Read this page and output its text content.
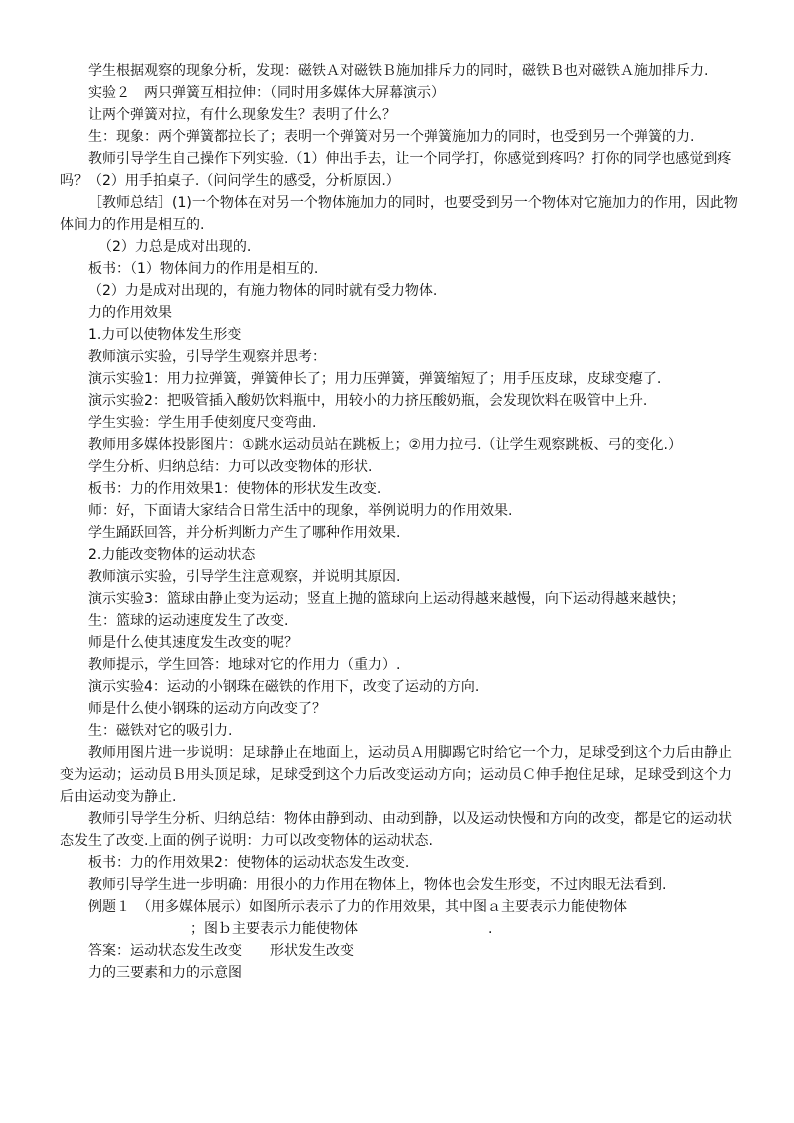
学生根据观察的现象分析，发现：磁铁Ａ对磁铁Ｂ施加排斥力的同时，磁铁Ｂ也对磁铁Ａ施加排斥力.

实验２　两只弹簧互相拉伸：（同时用多媒体大屏幕演示）

让两个弹簧对拉，有什么现象发生？表明了什么？

生：现象：两个弹簧都拉长了；表明一个弹簧对另一个弹簧施加力的同时，也受到另一个弹簧的力.

教师引导学生自己操作下列实验.（1）伸出手去，让一个同学打，你感觉到疼吗？打你的同学也感觉到疼吗？（2）用手拍桌子.（问问学生的感受，分析原因.）

［教师总结］(1)一个物体在对另一个物体施加力的同时，也要受到另一个物体对它施加力的作用，因此物体间力的作用是相互的.

（2）力总是成对出现的.

板书：（1）物体间力的作用是相互的.

（2）力是成对出现的，有施力物体的同时就有受力物体.

力的作用效果

1.力可以使物体发生形变

教师演示实验，引导学生观察并思考：

演示实验1：用力拉弹簧，弹簧伸长了；用力压弹簧，弹簧缩短了；用手压皮球，皮球变瘪了.

演示实验2：把吸管插入酸奶饮料瓶中，用较小的力挤压酸奶瓶，会发现饮料在吸管中上升.

学生实验：学生用手使刻度尺变弯曲.

教师用多媒体投影图片：①跳水运动员站在跳板上；②用力拉弓.（让学生观察跳板、弓的变化.）

学生分析、归纳总结：力可以改变物体的形状.

板书：力的作用效果1：使物体的形状发生改变.

师：好，下面请大家结合日常生活中的现象，举例说明力的作用效果.

学生踊跃回答，并分析判断力产生了哪种作用效果.

2.力能改变物体的运动状态

教师演示实验，引导学生注意观察，并说明其原因.

演示实验3：篮球由静止变为运动；竖直上抛的篮球向上运动得越来越慢，向下运动得越来越快；

生：篮球的运动速度发生了改变.

师是什么使其速度发生改变的呢？

教师提示，学生回答：地球对它的作用力（重力）.

演示实验4：运动的小钢珠在磁铁的作用下，改变了运动的方向.

师是什么使小钢珠的运动方向改变了？

生：磁铁对它的吸引力.

教师用图片进一步说明：足球静止在地面上，运动员Ａ用脚踢它时给它一个力，足球受到这个力后由静止变为运动；运动员Ｂ用头顶足球，足球受到这个力后改变运动方向；运动员Ｃ伸手抱住足球，足球受到这个力后由运动变为静止.

教师引导学生分析、归纳总结：物体由静到动、由动到静，以及运动快慢和方向的改变，都是它的运动状态发生了改变.上面的例子说明：力可以改变物体的运动状态.

板书：力的作用效果2：使物体的运动状态发生改变.

教师引导学生进一步明确：用很小的力作用在物体上，物体也会发生形变，不过肉眼无法看到.

例题１　（用多媒体展示）如图所示表示了力的作用效果，其中图ａ主要表示力能使物体；图ｂ主要表示力能使物体	.

答案：运动状态发生改变 形状发生改变

力的三要素和力的示意图
